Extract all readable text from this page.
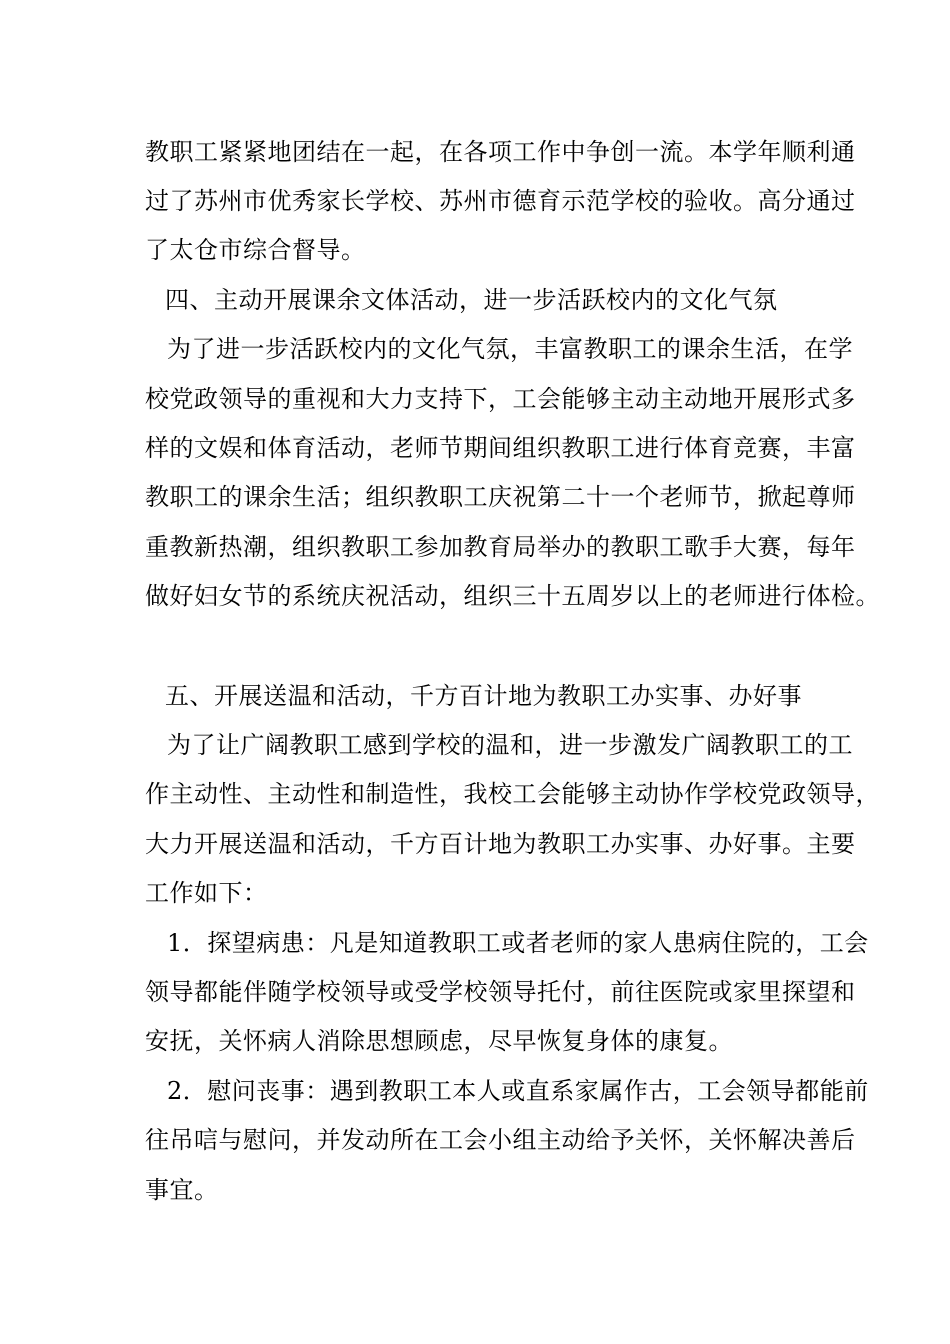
教职工紧紧地团结在一起，在各项工作中争创一流。本学年顺利通
过了苏州市优秀家长学校、苏州市德育示范学校的验收。高分通过
了太仓市综合督导。
四、主动开展课余文体活动，进一步活跃校内的文化气氛
为了进一步活跃校内的文化气氛，丰富教职工的课余生活，在学
校党政领导的重视和大力支持下，工会能够主动主动地开展形式多
样的文娱和体育活动，老师节期间组织教职工进行体育竞赛，丰富
教职工的课余生活；组织教职工庆祝第二十一个老师节，掀起尊师
重教新热潮，组织教职工参加教育局举办的教职工歌手大赛，每年
做好妇女节的系统庆祝活动，组织三十五周岁以上的老师进行体检。
五、开展送温和活动，千方百计地为教职工办实事、办好事
为了让广阔教职工感到学校的温和，进一步激发广阔教职工的工
作主动性、主动性和制造性，我校工会能够主动协作学校党政领导，
大力开展送温和活动，千方百计地为教职工办实事、办好事。主要
工作如下：
1．探望病患：凡是知道教职工或者老师的家人患病住院的，工会
领导都能伴随学校领导或受学校领导托付，前往医院或家里探望和
安抚，关怀病人消除思想顾虑，尽早恢复身体的康复。
2．慰问丧事：遇到教职工本人或直系家属作古，工会领导都能前
往吊唁与慰问，并发动所在工会小组主动给予关怀，关怀解决善后
事宜。
